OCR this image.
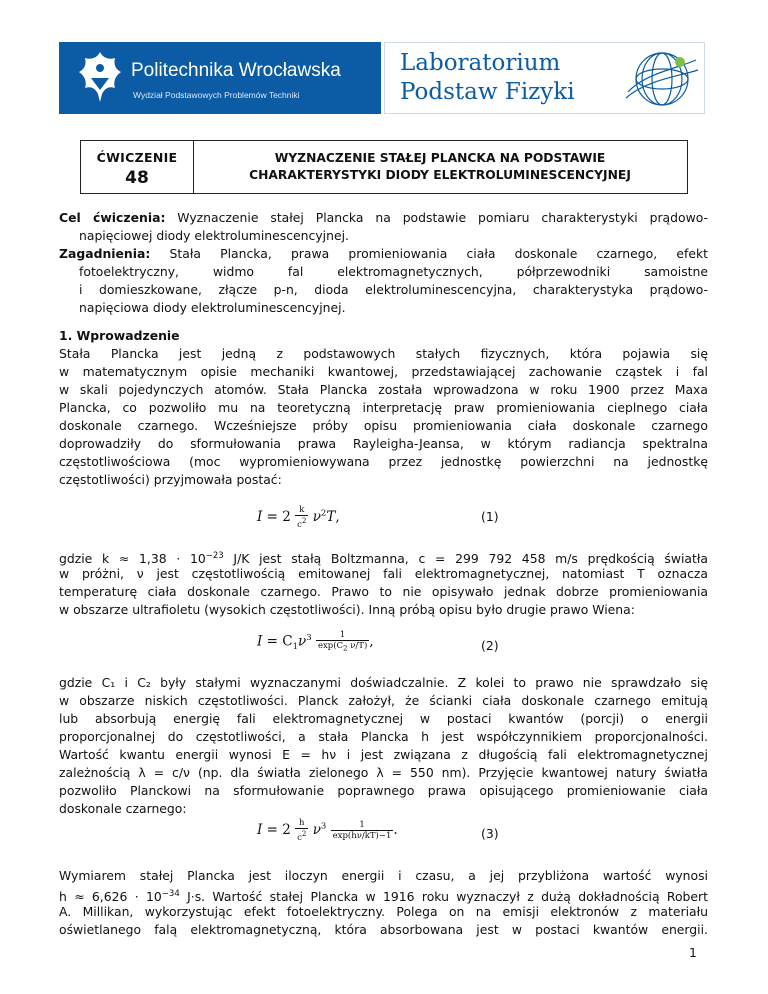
Politechnika Wrocławska
Wydział Podstawowych Problemów Techniki
Laboratorium
Podstaw Fizyki
ĆWICZENIE
48
WYZNACZENIE STAŁEJ PLANCKA NA PODSTAWIE
CHARAKTERYSTYKI DIODY ELEKTROLUMINESCENCYJNEJ

Cel ćwiczenia: Wyznaczenie stałej Plancka na podstawie pomiaru charakterystyki prądowo-

napięciowej diody elektroluminescencyjnej.

Zagadnienia: Stała Plancka, prawa promieniowania ciała doskonale czarnego, efekt

fotoelektryczny, widmo fal elektromagnetycznych, półprzewodniki samoistne

i domieszkowane, złącze p-n, dioda elektroluminescencyjna, charakterystyka prądowo-

napięciowa diody elektroluminescencyjnej.

1. Wprowadzenie

Stała Plancka jest jedną z podstawowych stałych fizycznych, która pojawia się

w matematycznym opisie mechaniki kwantowej, przedstawiającej zachowanie cząstek i fal

w skali pojedynczych atomów. Stała Plancka została wprowadzona w roku 1900 przez Maxa

Plancka, co pozwoliło mu na teoretyczną interpretację praw promieniowania cieplnego ciała

doskonale czarnego. Wcześniejsze próby opisu promieniowania ciała doskonale czarnego

doprowadziły do sformułowania prawa Rayleigha-Jeansa, w którym radiancja spektralna

częstotliwościowa (moc wypromieniowywana przez jednostkę powierzchni na jednostkę

częstotliwości) przyjmowała postać:

$I = 2 \frac{k}{c^2} \nu^2T$,	(1)

gdzie $k \approx 1,38 \cdot 10^{-23}$ J/K jest stałą Boltzmanna, c = 299 792 458 m/s prędkością światła

w próżni, ν jest częstotliwością emitowanej fali elektromagnetycznej, natomiast T oznacza

temperaturę ciała doskonale czarnego. Prawo to nie opisywało jednak dobrze promieniowania

w obszarze ultrafioletu (wysokich częstotliwości). Inną próbą opisu było drugie prawo Wiena:

$I = C_1\nu^3 \frac{1}{\exp(C_2 \nu/T)}$ ,	(2)

gdzie C₁ i C₂ były stałymi wyznaczanymi doświadczalnie. Z kolei to prawo nie sprawdzało się

w obszarze niskich częstotliwości. Planck założył, że ścianki ciała doskonale czarnego emitują

lub absorbują energię fali elektromagnetycznej w postaci kwantów (porcji) o energii

proporcjonalnej do częstotliwości, a stała Plancka h jest współczynnikiem proporcjonalności.

Wartość kwantu energii wynosi E = hν i jest związana z długością fali elektromagnetycznej

zależnością λ = c/ν (np. dla światła zielonego λ = 550 nm). Przyjęcie kwantowej natury światła

pozwoliło Planckowi na sformułowanie poprawnego prawa opisującego promieniowanie ciała

doskonale czarnego:

$I = 2 \frac{h}{c^2} \nu^3 \frac{1}{\exp(h\nu/kT)-1}$ .	(3)

Wymiarem stałej Plancka jest iloczyn energii i czasu, a jej przybliżona wartość wynosi

$h \approx 6,626 \cdot 10^{-34}$ J·s. Wartość stałej Plancka w 1916 roku wyznaczył z dużą dokładnością Robert

A. Millikan, wykorzystując efekt fotoelektryczny. Polega on na emisji elektronów z materiału

oświetlanego falą elektromagnetyczną, która absorbowana jest w postaci kwantów energii.

1
